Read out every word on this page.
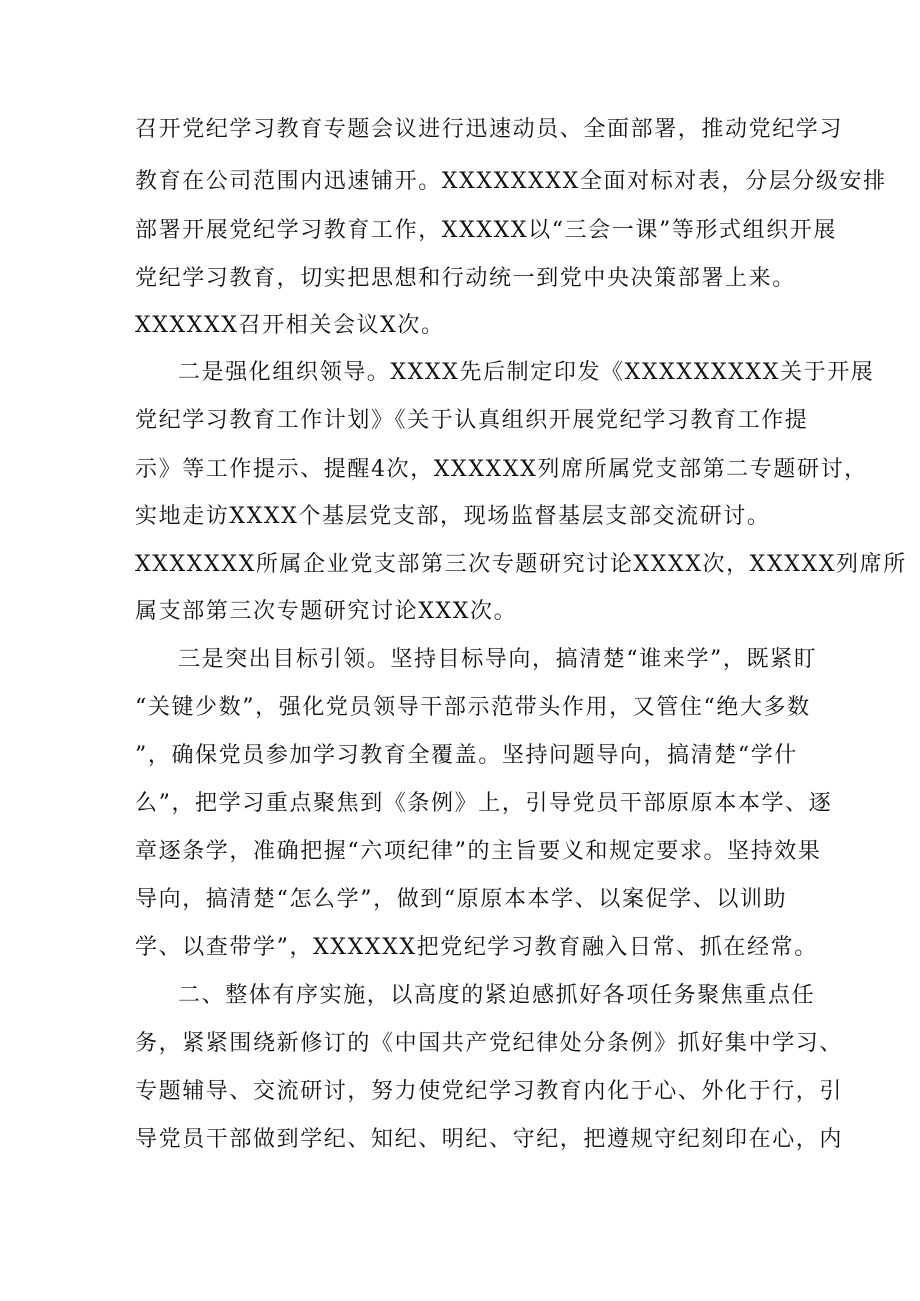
召开党纪学习教育专题会议进行迅速动员、全面部署，推动党纪学习
教育在公司范围内迅速铺开。XXXXXXXX全面对标对表，分层分级安排
部署开展党纪学习教育工作，XXXXX以“三会一课”等形式组织开展
党纪学习教育，切实把思想和行动统一到党中央决策部署上来。
XXXXXX召开相关会议X次。
二是强化组织领导。XXXX先后制定印发《XXXXXXXXX关于开展
党纪学习教育工作计划》《关于认真组织开展党纪学习教育工作提
示》等工作提示、提醒4次，XXXXXX列席所属党支部第二专题研讨，
实地走访XXXX个基层党支部，现场监督基层支部交流研讨。
XXXXXXX所属企业党支部第三次专题研究讨论XXXX次，XXXXX列席所
属支部第三次专题研究讨论XXX次。
三是突出目标引领。坚持目标导向，搞清楚“谁来学”，既紧盯
“关键少数”，强化党员领导干部示范带头作用，又管住“绝大多数
”，确保党员参加学习教育全覆盖。坚持问题导向，搞清楚“学什
么”，把学习重点聚焦到《条例》上，引导党员干部原原本本学、逐
章逐条学，准确把握“六项纪律”的主旨要义和规定要求。坚持效果
导向，搞清楚“怎么学”，做到“原原本本学、以案促学、以训助
学、以查带学”，XXXXXX把党纪学习教育融入日常、抓在经常。
二、整体有序实施，以高度的紧迫感抓好各项任务聚焦重点任
务，紧紧围绕新修订的《中国共产党纪律处分条例》抓好集中学习、
专题辅导、交流研讨，努力使党纪学习教育内化于心、外化于行，引
导党员干部做到学纪、知纪、明纪、守纪，把遵规守纪刻印在心，内
